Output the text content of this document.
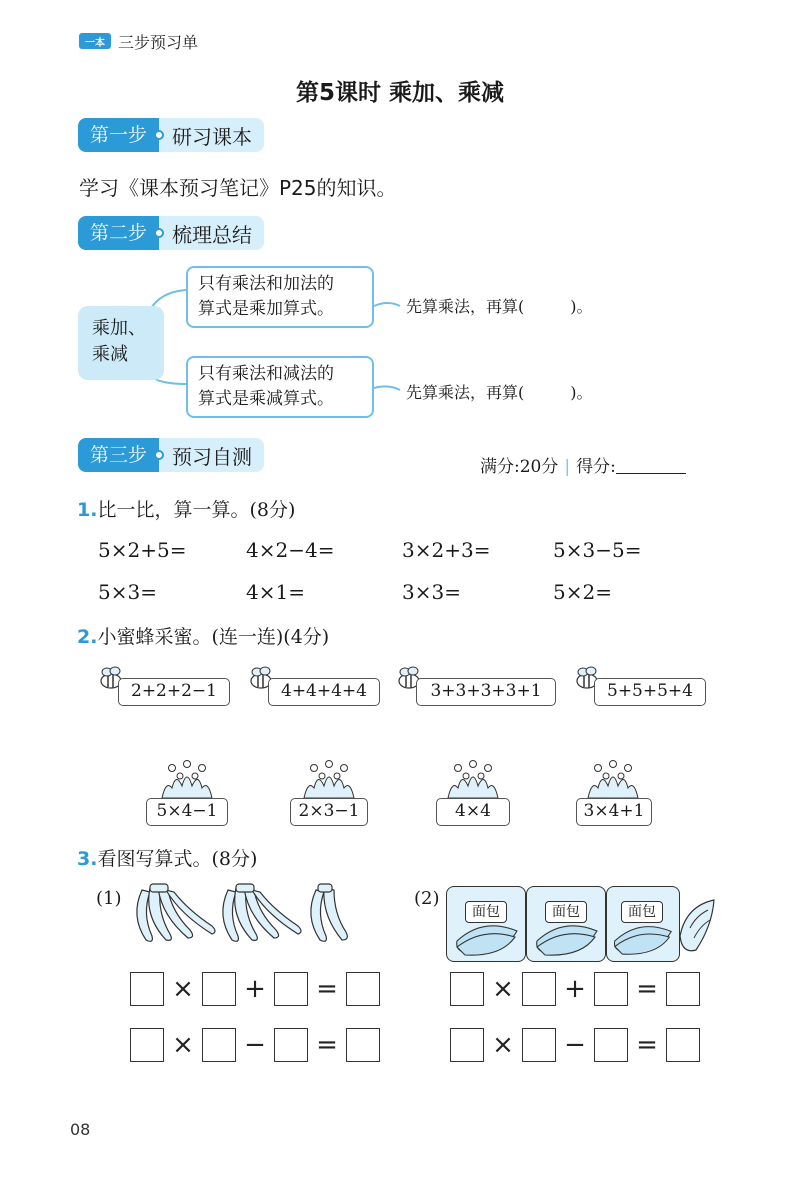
一本 三步预习单
第5课时 乘加、乘减
第一步	研习课本
学习《课本预习笔记》P25的知识。
第二步	梳理总结
乘加、
乘减
只有乘法和加法的
算式是乘加算式。
只有乘法和减法的
算式是乘减算式。
先算乘法，再算(	)。
先算乘法，再算(	)。
第三步	预习自测	满分:20分 | 得分:
1.比一比，算一算。(8分)
5×2+5=	4×2−4=	3×2+3=	5×3−5=
5×3=	4×1=	3×3=	5×2=
2.小蜜蜂采蜜。(连一连)(4分)
2+2+2−1	4+4+4+4	3+3+3+3+1	5+5+5+4
5×4−1	2×3−1	4×4	3×4+1
3.看图写算式。(8分)
(1)	(2)
面包	面包	面包
× + =
× − =
× + =
× − =
08
